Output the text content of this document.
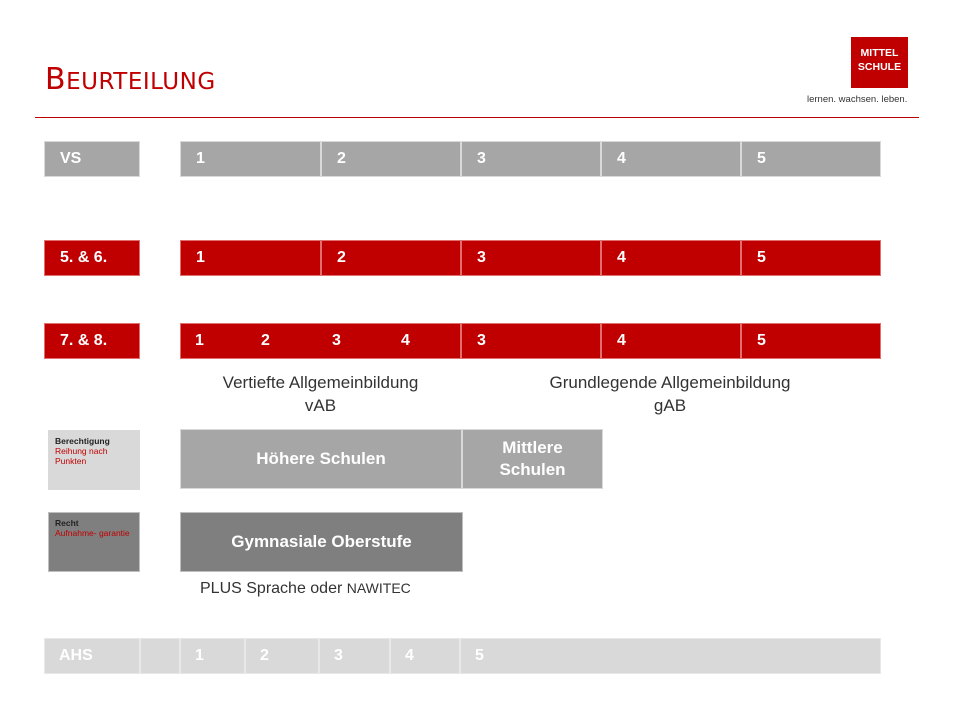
BEURTEILUNG
MITTEL
SCHULE
lernen. wachsen. leben.
VS	1	2	3	4	5
5. & 6.	1	2	3	4	5
7. & 8.	1	2	3	4	3	4	5
Vertiefte Allgemeinbildung
vAB
Grundlegende Allgemeinbildung
gAB
Berechtigung
Reihung nach Punkten	Höhere Schulen
Mittlere
Schulen
Recht
Aufnahme- garantie	Gymnasiale Oberstufe
PLUS Sprache oder NAWITEC
AHS	1	2	3	4	5
